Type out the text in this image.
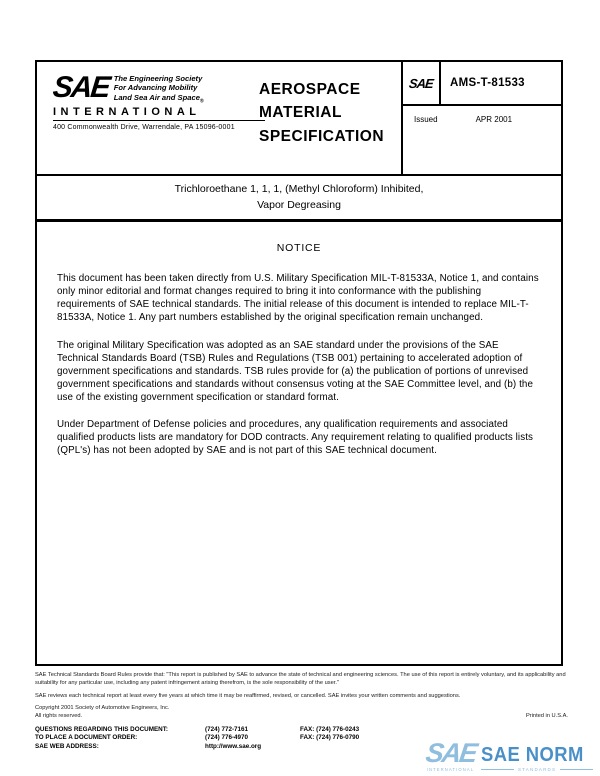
SAE The Engineering Society
For Advancing Mobility
Land Sea Air and Space$_®$
INTERNATIONAL
400 Commonwealth Drive, Warrendale, PA 15096-0001
AEROSPACE
MATERIAL
SPECIFICATION
SAE	AMS-T-81533
Issued	APR 2001
Trichloroethane 1, 1, 1, (Methyl Chloroform) Inhibited,
Vapor Degreasing
NOTICE

This document has been taken directly from U.S. Military Specification MIL-T-81533A, Notice 1, and contains only minor editorial and format changes required to bring it into conformance with the publishing requirements of SAE technical standards. The initial release of this document is intended to replace MIL-T-81533A, Notice 1. Any part numbers established by the original specification remain unchanged.

The original Military Specification was adopted as an SAE standard under the provisions of the SAE Technical Standards Board (TSB) Rules and Regulations (TSB 001) pertaining to accelerated adoption of government specifications and standards. TSB rules provide for (a) the publication of portions of unrevised government specifications and standards without consensus voting at the SAE Committee level, and (b) the use of the existing government specification or standard format.

Under Department of Defense policies and procedures, any qualification requirements and associated qualified products lists are mandatory for DOD contracts. Any requirement relating to qualified products lists (QPL's) has not been adopted by SAE and is not part of this SAE technical document.

SAE Technical Standards Board Rules provide that: "This report is published by SAE to advance the state of technical and engineering sciences. The use of this report is entirely voluntary, and its applicability and suitability for any particular use, including any patent infringement arising therefrom, is the sole responsibility of the user."
SAE reviews each technical report at least every five years at which time it may be reaffirmed, revised, or cancelled. SAE invites your written comments and suggestions.
Copyright 2001 Society of Automotive Engineers, Inc.
All rights reserved.	Printed in U.S.A.
QUESTIONS REGARDING THIS DOCUMENT:	(724) 772-7161	FAX: (724) 776-0243
TO PLACE A DOCUMENT ORDER:	(724) 776-4970	FAX: (724) 776-0790
SAE WEB ADDRESS:	http://www.sae.org	SAE
INTERNATIONAL
SAE NORM
STANDARDS
